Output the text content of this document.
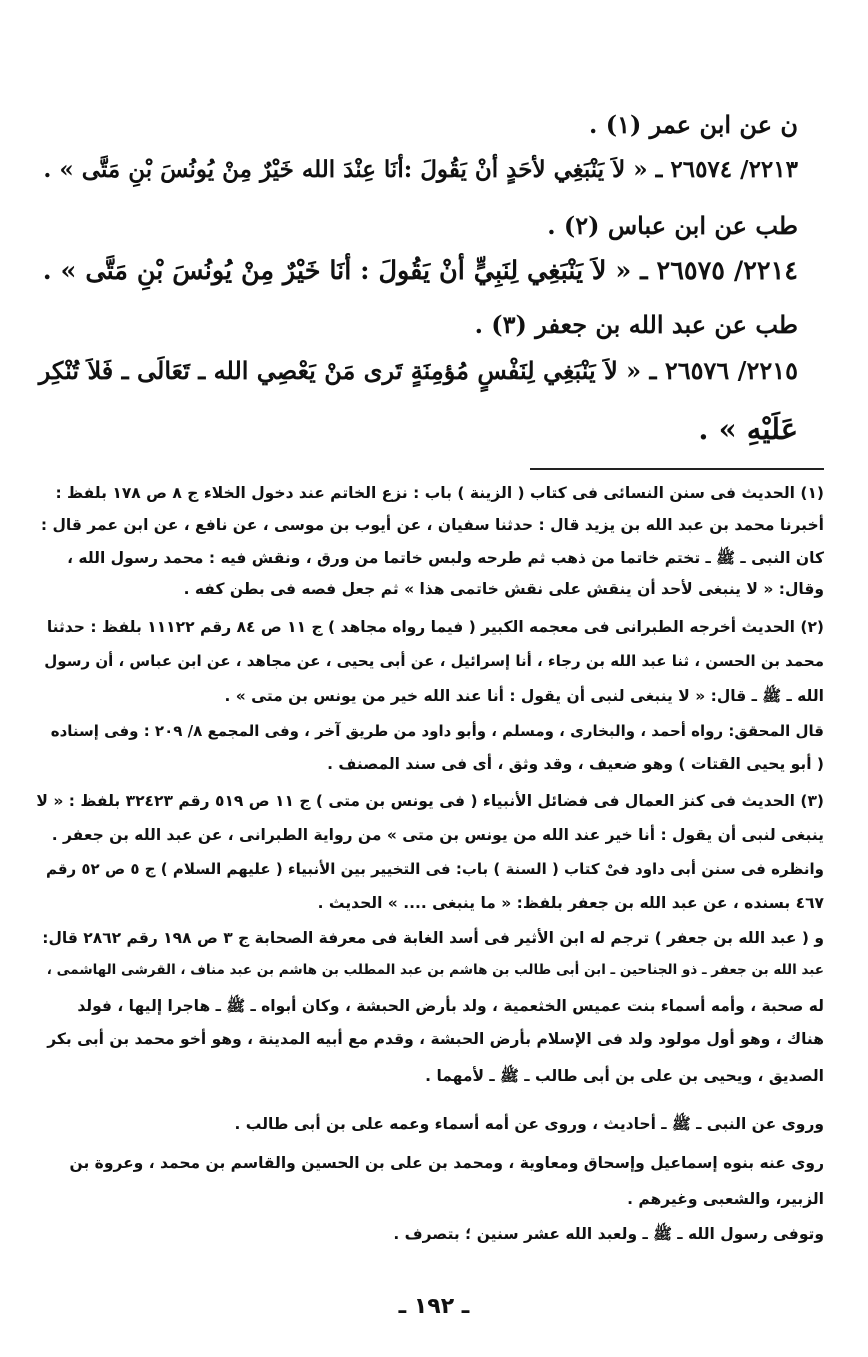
ن عن ابن عمر (١) .
٢٢١٣/ ٢٦٥٧٤ ـ « لاَ يَنْبَغِي لأحَدٍ أنْ يَقُولَ :أنَا عِنْدَ الله خَيْرٌ مِنْ يُونُسَ بْنِ مَتَّى » .
طب عن ابن عباس (٢) .
٢٢١٤/ ٢٦٥٧٥ ـ « لاَ يَنْبَغِي لِنَبِيٍّ أنْ يَقُولَ : أنَا خَيْرٌ مِنْ يُونُسَ بْنِ مَتَّى » .
طب عن عبد الله بن جعفر (٣) .
٢٢١٥/ ٢٦٥٧٦ ـ « لاَ يَنْبَغِي لِنَفْسٍ مُؤمِنَةٍ تَرى مَنْ يَعْصِي الله ـ تَعَالَى ـ فَلاَ تُنْكِر
عَلَيْهِ » .
(١) الحديث فى سنن النسائى فى كتاب ( الزينة ) باب : نزع الخاتم عند دخول الخلاء ج ٨ ص ١٧٨ بلفظ :
أخبرنا محمد بن عبد الله بن يزيد قال : حدثنا سفيان ، عن أيوب بن موسى ، عن نافع ، عن ابن عمر قال :
كان النبى ـ ﷺ ـ تختم خاتما من ذهب ثم طرحه ولبس خاتما من ورق ، ونقش فيه : محمد رسول الله ،
وقال: « لا ينبغى لأحد أن ينقش على نقش خاتمى هذا » ثم جعل فصه فى بطن كفه .
(٢) الحديث أخرجه الطبرانى فى معجمه الكبير ( فيما رواه مجاهد ) ج ١١ ص ٨٤ رقم ١١١٢٢ بلفظ : حدثنا
محمد بن الحسن ، ثنا عبد الله بن رجاء ، أنا إسرائيل ، عن أبى يحيى ، عن مجاهد ، عن ابن عباس ، أن رسول
الله ـ ﷺ ـ قال: « لا ينبغى لنبى أن يقول : أنا عند الله خير من يونس بن متى » .
قال المحقق: رواه أحمد ، والبخارى ، ومسلم ، وأبو داود من طريق آخر ، وفى المجمع ٨/ ٢٠٩ : وفى إسناده
( أبو يحيى القتات ) وهو ضعيف ، وقد وثق ، أى فى سند المصنف .
(٣) الحديث فى كنز العمال فى فضائل الأنبياء ( فى يونس بن متى ) ج ١١ ص ٥١٩ رقم ٣٢٤٢٣ بلفظ : « لا
ينبغى لنبى أن يقول : أنا خير عند الله من يونس بن متى » من رواية الطبرانى ، عن عبد الله بن جعفر .
وانظره فى سنن أبى داود فىْ كتاب ( السنة ) باب: فى التخيير بين الأنبياء ( عليهم السلام ) ج ٥ ص ٥٢ رقم
٤٦٧ بسنده ، عن عبد الله بن جعفر بلفظ: « ما ينبغى .... » الحديث .
و ( عبد الله بن جعفر ) ترجم له ابن الأثير فى أسد الغابة فى معرفة الصحابة ج ٣ ص ١٩٨ رقم ٢٨٦٢ قال:
عبد الله بن جعفر ـ ذو الجناحين ـ ابن أبى طالب بن هاشم بن عبد المطلب بن هاشم بن عبد مناف ، القرشى الهاشمى ،
له صحبة ، وأمه أسماء بنت عميس الخثعمية ، ولد بأرض الحبشة ، وكان أبواه ـ ﷺ ـ هاجرا إليها ، فولد
هناك ، وهو أول مولود ولد فى الإسلام بأرض الحبشة ، وقدم مع أبيه المدينة ، وهو أخو محمد بن أبى بكر
الصديق ، ويحيى بن على بن أبى طالب ـ ﷺ ـ لأمهما .
وروى عن النبى ـ ﷺ ـ أحاديث ، وروى عن أمه أسماء وعمه على بن أبى طالب .
روى عنه بنوه إسماعيل وإسحاق ومعاوية ، ومحمد بن على بن الحسين والقاسم بن محمد ، وعروة بن
الزبير، والشعبى وغيرهم .
وتوفى رسول الله ـ ﷺ ـ ولعبد الله عشر سنين ؛ بتصرف .
ـ ١٩٢ ـ
